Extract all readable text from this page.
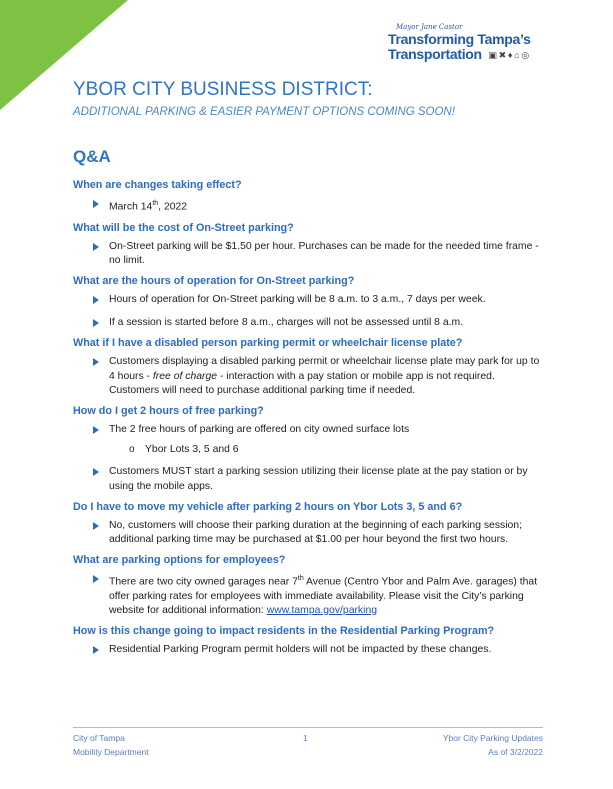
Mayor Jane Castor
Transforming Tampa’s
Transportation ▣ ✖ ♦ ⌂ ◎
YBOR CITY BUSINESS DISTRICT:

ADDITIONAL PARKING & EASIER PAYMENT OPTIONS COMING SOON!

Q&A

When are changes taking effect?

March 14th, 2022

What will be the cost of On-Street parking?

On-Street parking will be $1.50 per hour. Purchases can be made for the needed time frame - no limit.

What are the hours of operation for On-Street parking?

Hours of operation for On-Street parking will be 8 a.m. to 3 a.m., 7 days per week.

If a session is started before 8 a.m., charges will not be assessed until 8 a.m.

What if I have a disabled person parking permit or wheelchair license plate?

Customers displaying a disabled parking permit or wheelchair license plate may park for up to 4 hours - free of charge - interaction with a pay station or mobile app is not required. Customers will need to purchase additional parking time if needed.

How do I get 2 hours of free parking?

The 2 free hours of parking are offered on city owned surface lots

o Ybor Lots 3, 5 and 6

Customers MUST start a parking session utilizing their license plate at the pay station or by using the mobile apps.

Do I have to move my vehicle after parking 2 hours on Ybor Lots 3, 5 and 6?

No, customers will choose their parking duration at the beginning of each parking session; additional parking time may be purchased at $1.00 per hour beyond the first two hours.

What are parking options for employees?

There are two city owned garages near 7th Avenue (Centro Ybor and Palm Ave. garages) that offer parking rates for employees with immediate availability. Please visit the City’s parking website for additional information: www.tampa.gov/parking

How is this change going to impact residents in the Residential Parking Program?

Residential Parking Program permit holders will not be impacted by these changes.

City of Tampa
Mobility Department
1	Ybor City Parking Updates
As of 3/2/2022
